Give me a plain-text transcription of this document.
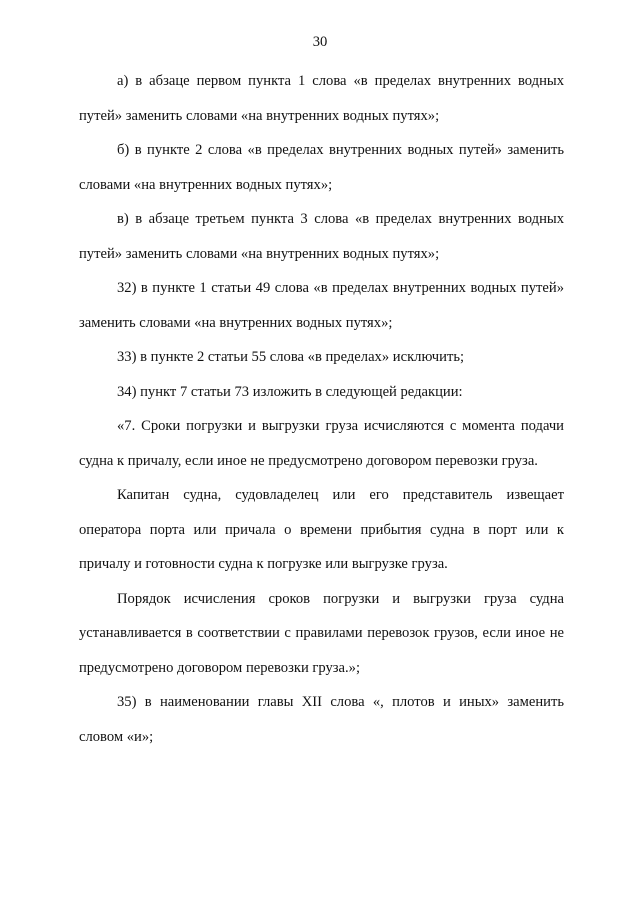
30

а) в абзаце первом пункта 1 слова «в пределах внутренних водных путей» заменить словами «на внутренних водных путях»;

б) в пункте 2 слова «в пределах внутренних водных путей» заменить словами «на внутренних водных путях»;

в) в абзаце третьем пункта 3 слова «в пределах внутренних водных путей» заменить словами «на внутренних водных путях»;

32) в пункте 1 статьи 49 слова «в пределах внутренних водных путей» заменить словами «на внутренних водных путях»;

33) в пункте 2 статьи 55 слова «в пределах» исключить;

34) пункт 7 статьи 73 изложить в следующей редакции:

«7. Сроки погрузки и выгрузки груза исчисляются с момента подачи судна к причалу, если иное не предусмотрено договором перевозки груза.

Капитан судна, судовладелец или его представитель извещает оператора порта или причала о времени прибытия судна в порт или к причалу и готовности судна к погрузке или выгрузке груза.

Порядок исчисления сроков погрузки и выгрузки груза судна устанавливается в соответствии с правилами перевозок грузов, если иное не предусмотрено договором перевозки груза.»;

35) в наименовании главы XII слова «, плотов и иных» заменить словом «и»;
